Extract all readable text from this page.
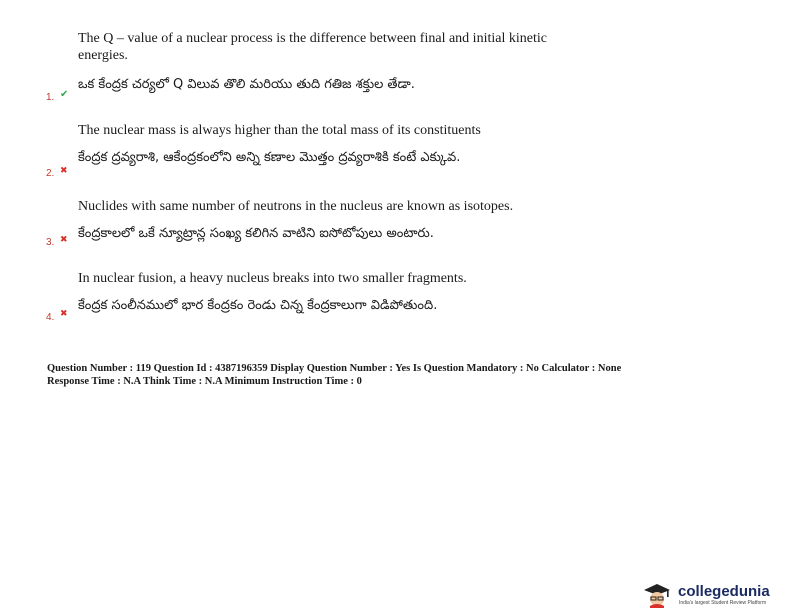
The Q – value of a nuclear process is the difference between final and initial kinetic
energies.
ఒక కేంద్రక చర్యలో Q విలువ తొలి మరియు తుది గతిజ శక్తుల తేడా.
1. ✔
The nuclear mass is always higher than the total mass of its constituents
కేంద్రక ద్రవ్యరాశి, ఆకేంద్రకంలోని అన్ని కణాల మొత్తం ద్రవ్యరాశికి కంటే ఎక్కువ.
2. ✖
Nuclides with same number of neutrons in the nucleus are known as isotopes.
కేంద్రకాలలో ఒకే న్యూట్రాన్ల సంఖ్య కలిగిన వాటిని ఐసోటోపులు అంటారు.
3. ✖
In nuclear fusion, a heavy nucleus breaks into two smaller fragments.
కేంద్రక సంలీనములో భార కేంద్రకం రెండు చిన్న కేంద్రకాలుగా విడిపోతుంది.
4. ✖
Question Number : 119 Question Id : 4387196359 Display Question Number : Yes Is Question Mandatory : No Calculator : None
Response Time : N.A Think Time : N.A Minimum Instruction Time : 0
collegedunia
India's largest Student Review Platform
